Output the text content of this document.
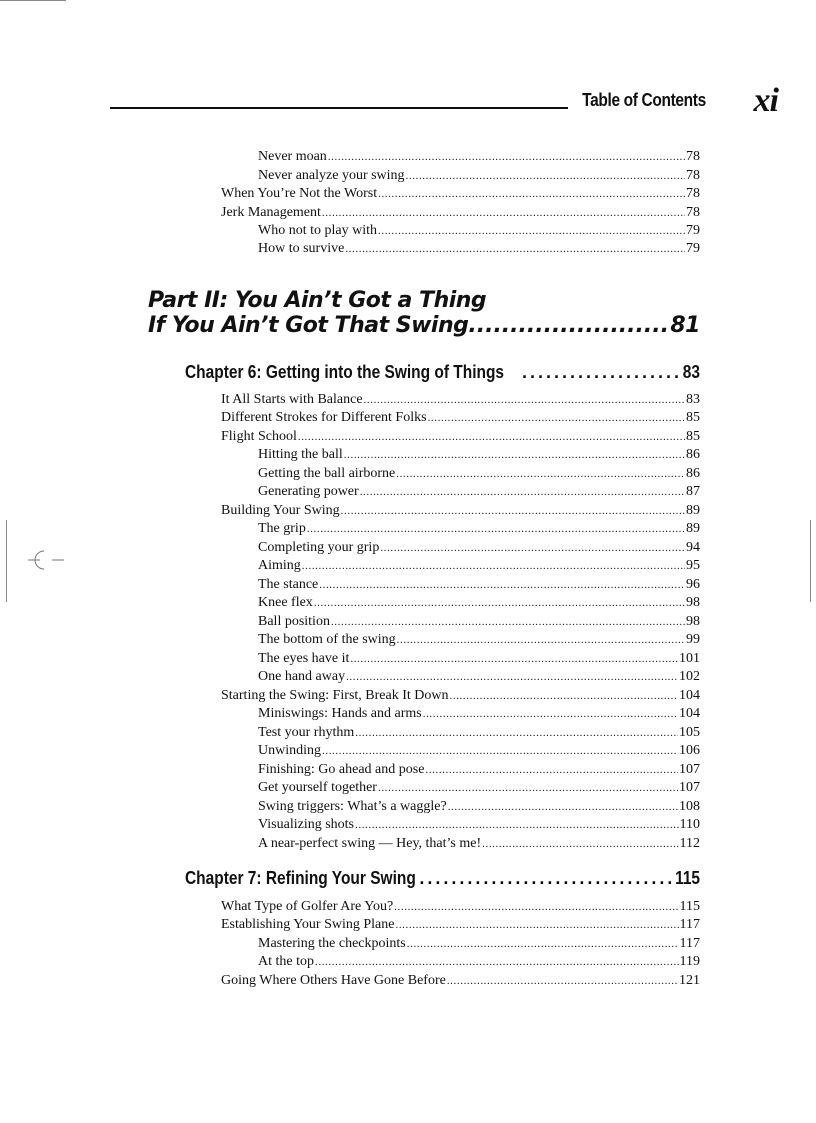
Table of Contents xi
Never moan .....	78
Never analyze your swing .....	78
When You’re Not the Worst .....	78
Jerk Management .....	78
Who not to play with .....	79
How to survive .....	79
Part II: You Ain’t Got a Thing
If You Ain’t Got That Swing .....	81
Chapter 6: Getting into the Swing of Things .....	83
It All Starts with Balance .....	83
Different Strokes for Different Folks .....	85
Flight School .....	85
Hitting the ball .....	86
Getting the ball airborne .....	86
Generating power .....	87
Building Your Swing .....	89
The grip .....	89
Completing your grip .....	94
Aiming .....	95
The stance .....	96
Knee flex .....	98
Ball position .....	98
The bottom of the swing .....	99
The eyes have it .....	101
One hand away .....	102
Starting the Swing: First, Break It Down .....	104
Miniswings: Hands and arms .....	104
Test your rhythm .....	105
Unwinding .....	106
Finishing: Go ahead and pose .....	107
Get yourself together .....	107
Swing triggers: What’s a waggle? .....	108
Visualizing shots .....	110
A near-perfect swing — Hey, that’s me! .....	112
Chapter 7: Refining Your Swing .....	115
What Type of Golfer Are You? .....	115
Establishing Your Swing Plane .....	117
Mastering the checkpoints .....	117
At the top .....	119
Going Where Others Have Gone Before .....	121
